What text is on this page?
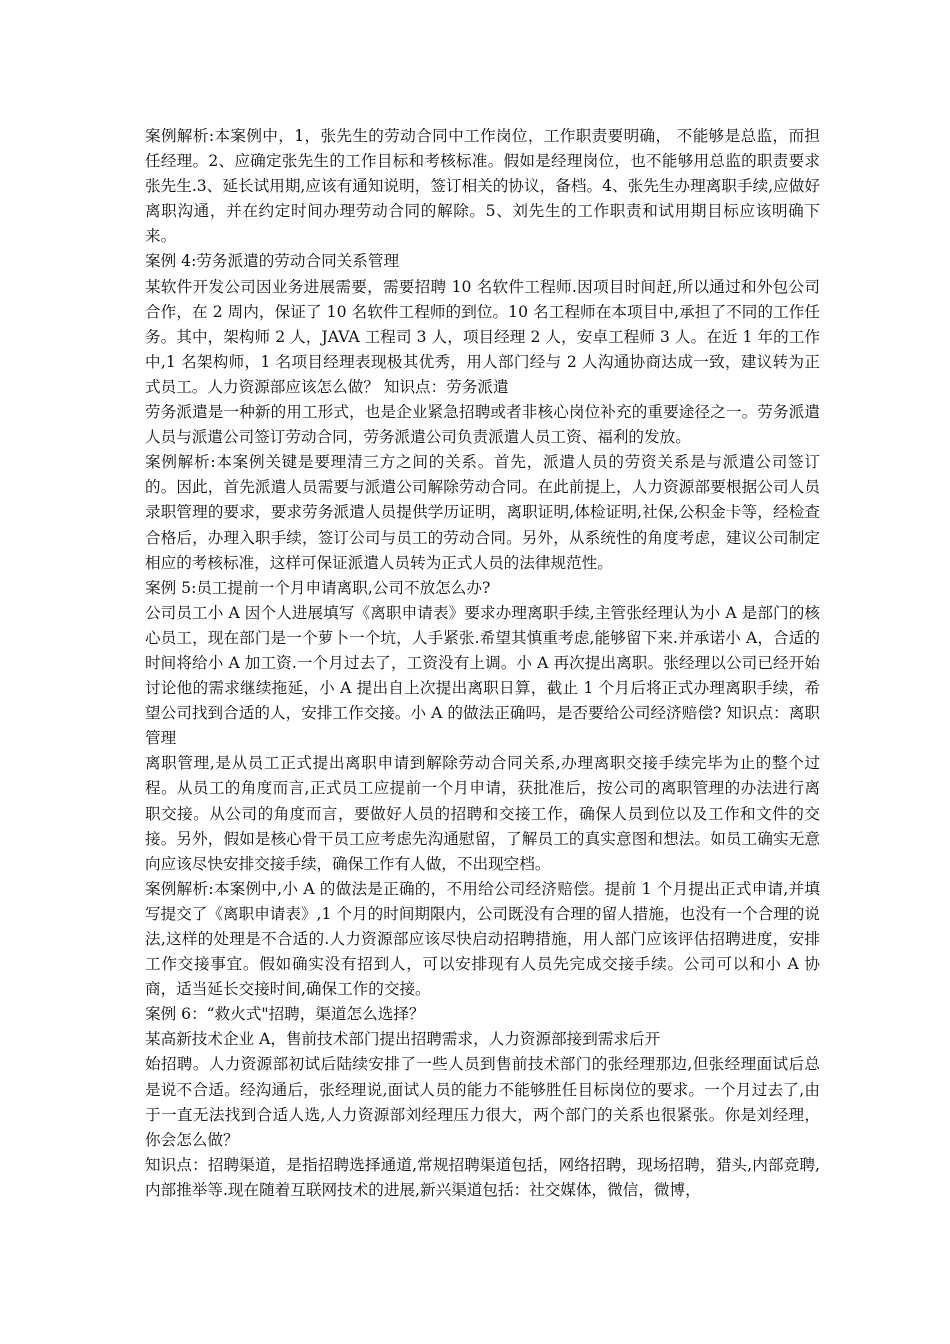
案例解析:本案例中，1，张先生的劳动合同中工作岗位，工作职责要明确， 不能够是总监，而担任经理。2、应确定张先生的工作目标和考核标准。假如是经理岗位，也不能够用总监的职责要求张先生.3、延长试用期,应该有通知说明，签订相关的协议，备档。4、张先生办理离职手续,应做好离职沟通，并在约定时间办理劳动合同的解除。5、刘先生的工作职责和试用期目标应该明确下来。

案例 4:劳务派遣的劳动合同关系管理

某软件开发公司因业务进展需要，需要招聘 10 名软件工程师.因项目时间赶,所以通过和外包公司合作，在 2 周内，保证了 10 名软件工程师的到位。10 名工程师在本项目中,承担了不同的工作任务。其中，架构师 2 人，JAVA 工程司 3 人，项目经理 2 人，安卓工程师 3 人。在近 1 年的工作中,1 名架构师，1 名项目经理表现极其优秀，用人部门经与 2 人沟通协商达成一致，建议转为正式员工。人力资源部应该怎么做？ 知识点：劳务派遣

劳务派遣是一种新的用工形式，也是企业紧急招聘或者非核心岗位补充的重要途径之一。劳务派遣人员与派遣公司签订劳动合同，劳务派遣公司负责派遣人员工资、福利的发放。

案例解析:本案例关键是要理清三方之间的关系。首先，派遣人员的劳资关系是与派遣公司签订的。因此，首先派遣人员需要与派遣公司解除劳动合同。在此前提上，人力资源部要根据公司人员录职管理的要求，要求劳务派遣人员提供学历证明，离职证明,体检证明,社保,公积金卡等，经检查合格后，办理入职手续，签订公司与员工的劳动合同。另外，从系统性的角度考虑，建议公司制定相应的考核标准，这样可保证派遣人员转为正式人员的法律规范性。

案例 5:员工提前一个月申请离职,公司不放怎么办?

公司员工小 A 因个人进展填写《离职申请表》要求办理离职手续,主管张经理认为小 A 是部门的核心员工，现在部门是一个萝卜一个坑，人手紧张.希望其慎重考虑,能够留下来.并承诺小 A，合适的时间将给小 A 加工资.一个月过去了，工资没有上调。小 A 再次提出离职。张经理以公司已经开始讨论他的需求继续拖延，小 A 提出自上次提出离职日算，截止 1 个月后将正式办理离职手续，希望公司找到合适的人，安排工作交接。小 A 的做法正确吗，是否要给公司经济赔偿? 知识点：离职管理

离职管理,是从员工正式提出离职申请到解除劳动合同关系,办理离职交接手续完毕为止的整个过程。从员工的角度而言,正式员工应提前一个月申请，获批准后，按公司的离职管理的办法进行离职交接。从公司的角度而言，要做好人员的招聘和交接工作，确保人员到位以及工作和文件的交接。另外，假如是核心骨干员工应考虑先沟通慰留，了解员工的真实意图和想法。如员工确实无意向应该尽快安排交接手续，确保工作有人做，不出现空档。

案例解析:本案例中,小 A 的做法是正确的，不用给公司经济赔偿。提前 1 个月提出正式申请,并填写提交了《离职申请表》,1 个月的时间期限内，公司既没有合理的留人措施，也没有一个合理的说法,这样的处理是不合适的.人力资源部应该尽快启动招聘措施，用人部门应该评估招聘进度，安排工作交接事宜。假如确实没有招到人，可以安排现有人员先完成交接手续。公司可以和小 A 协商，适当延长交接时间,确保工作的交接。

案例 6：“救火式"招聘，渠道怎么选择？

某高新技术企业 A，售前技术部门提出招聘需求，人力资源部接到需求后开

始招聘。人力资源部初试后陆续安排了一些人员到售前技术部门的张经理那边,但张经理面试后总是说不合适。经沟通后，张经理说,面试人员的能力不能够胜任目标岗位的要求。一个月过去了,由于一直无法找到合适人选,人力资源部刘经理压力很大，两个部门的关系也很紧张。你是刘经理，你会怎么做？

知识点：招聘渠道，是指招聘选择通道,常规招聘渠道包括，网络招聘，现场招聘，猎头,内部竞聘,内部推举等.现在随着互联网技术的进展,新兴渠道包括：社交媒体，微信，微博，
